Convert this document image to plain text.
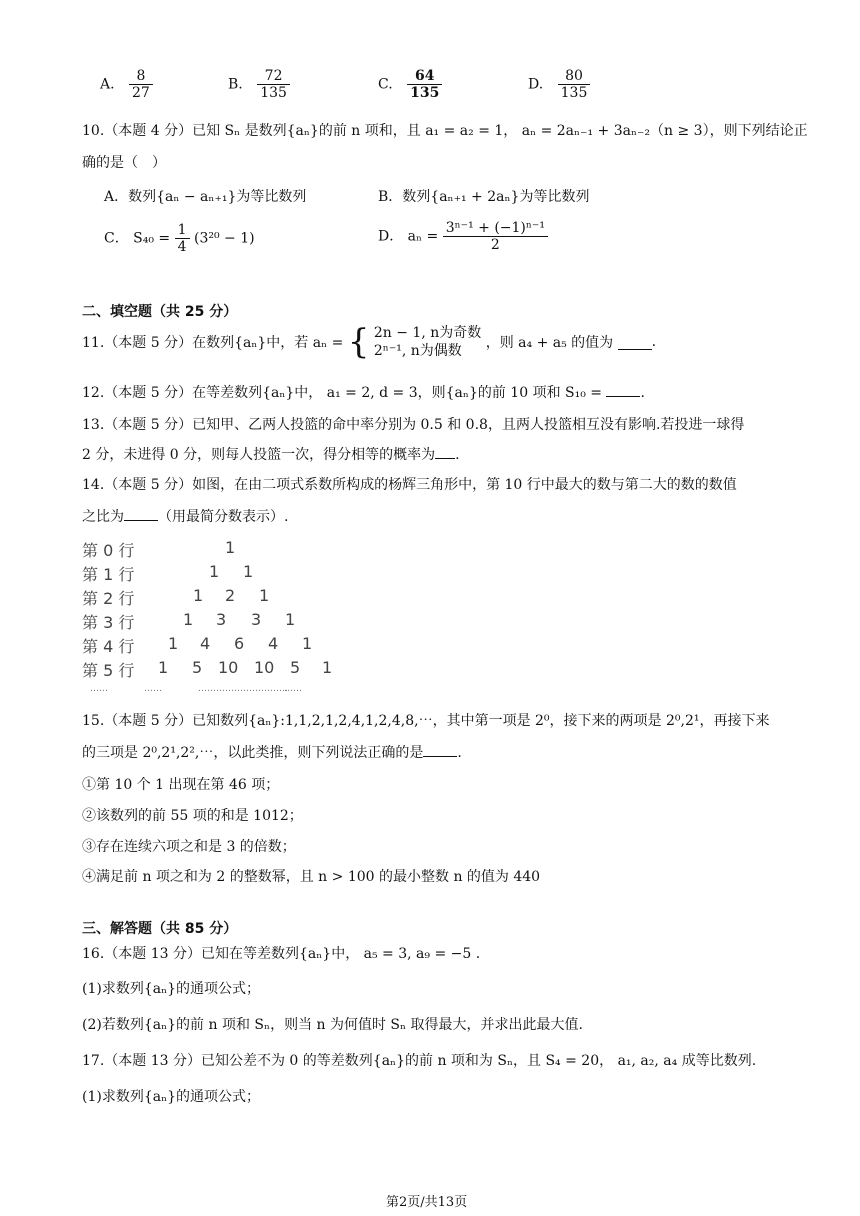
A. $\frac{8}{27}$	B. $\frac{72}{135}$	C. $\frac{64}{135}$	D. $\frac{80}{135}$
10.（本题 4 分）已知 Sₙ 是数列{aₙ}的前 n 项和，且 a₁ = a₂ = 1， aₙ = 2aₙ₋₁ + 3aₙ₋₂（n ≥ 3），则下列结论正
确的是（　）
A．数列{aₙ − aₙ₊₁}为等比数列	B．数列{aₙ₊₁ + 2aₙ}为等比数列
C． $S_{40} = \frac{1}{4} (3^{20} - 1)$	D． $a_n = \frac{\text{3ⁿ⁻¹ + (−1)ⁿ⁻¹}}{2}$
二、填空题（共 25 分）
11.（本题 5 分）在数列{aₙ}中，若 aₙ = { 2n − 1, n为奇数
2ⁿ⁻¹, n为偶数	，则 a₄ + a₅ 的值为	.
12.（本题 5 分）在等差数列{aₙ}中， a₁ = 2, d = 3，则{aₙ}的前 10 项和 S₁₀ =	.
13.（本题 5 分）已知甲、乙两人投篮的命中率分别为 0.5 和 0.8，且两人投篮相互没有影响.若投进一球得
2 分，未进得 0 分，则每人投篮一次，得分相等的概率为 .
14.（本题 5 分）如图，在由二项式系数所构成的杨辉三角形中，第 10 行中最大的数与第二大的数的数值
之比为 （用最简分数表示）.
第 0 行
第 1 行
第 2 行
第 3 行
第 4 行
第 5 行
1
1 1
1 2 1
1 3 3 1
1 4 6 4 1
1 5 10 10 5 1
……	……	…………………………
……
15.（本题 5 分）已知数列{aₙ}:1,1,2,1,2,4,1,2,4,8,⋯，其中第一项是 2⁰，接下来的两项是 2⁰,2¹，再接下来
的三项是 2⁰,2¹,2²,⋯，以此类推，则下列说法正确的是 .
①第 10 个 1 出现在第 46 项；
②该数列的前 55 项的和是 1012；
③存在连续六项之和是 3 的倍数；
④满足前 n 项之和为 2 的整数幂，且 n > 100 的最小整数 n 的值为 440
三、解答题（共 85 分）
16.（本题 13 分）已知在等差数列{aₙ}中， a₅ = 3, a₉ = −5 .
(1)求数列{aₙ}的通项公式；
(2)若数列{aₙ}的前 n 项和 Sₙ，则当 n 为何值时 Sₙ 取得最大，并求出此最大值.
17.（本题 13 分）已知公差不为 0 的等差数列{aₙ}的前 n 项和为 Sₙ，且 S₄ = 20， a₁, a₂, a₄ 成等比数列.
(1)求数列{aₙ}的通项公式；
第2页/共13页
